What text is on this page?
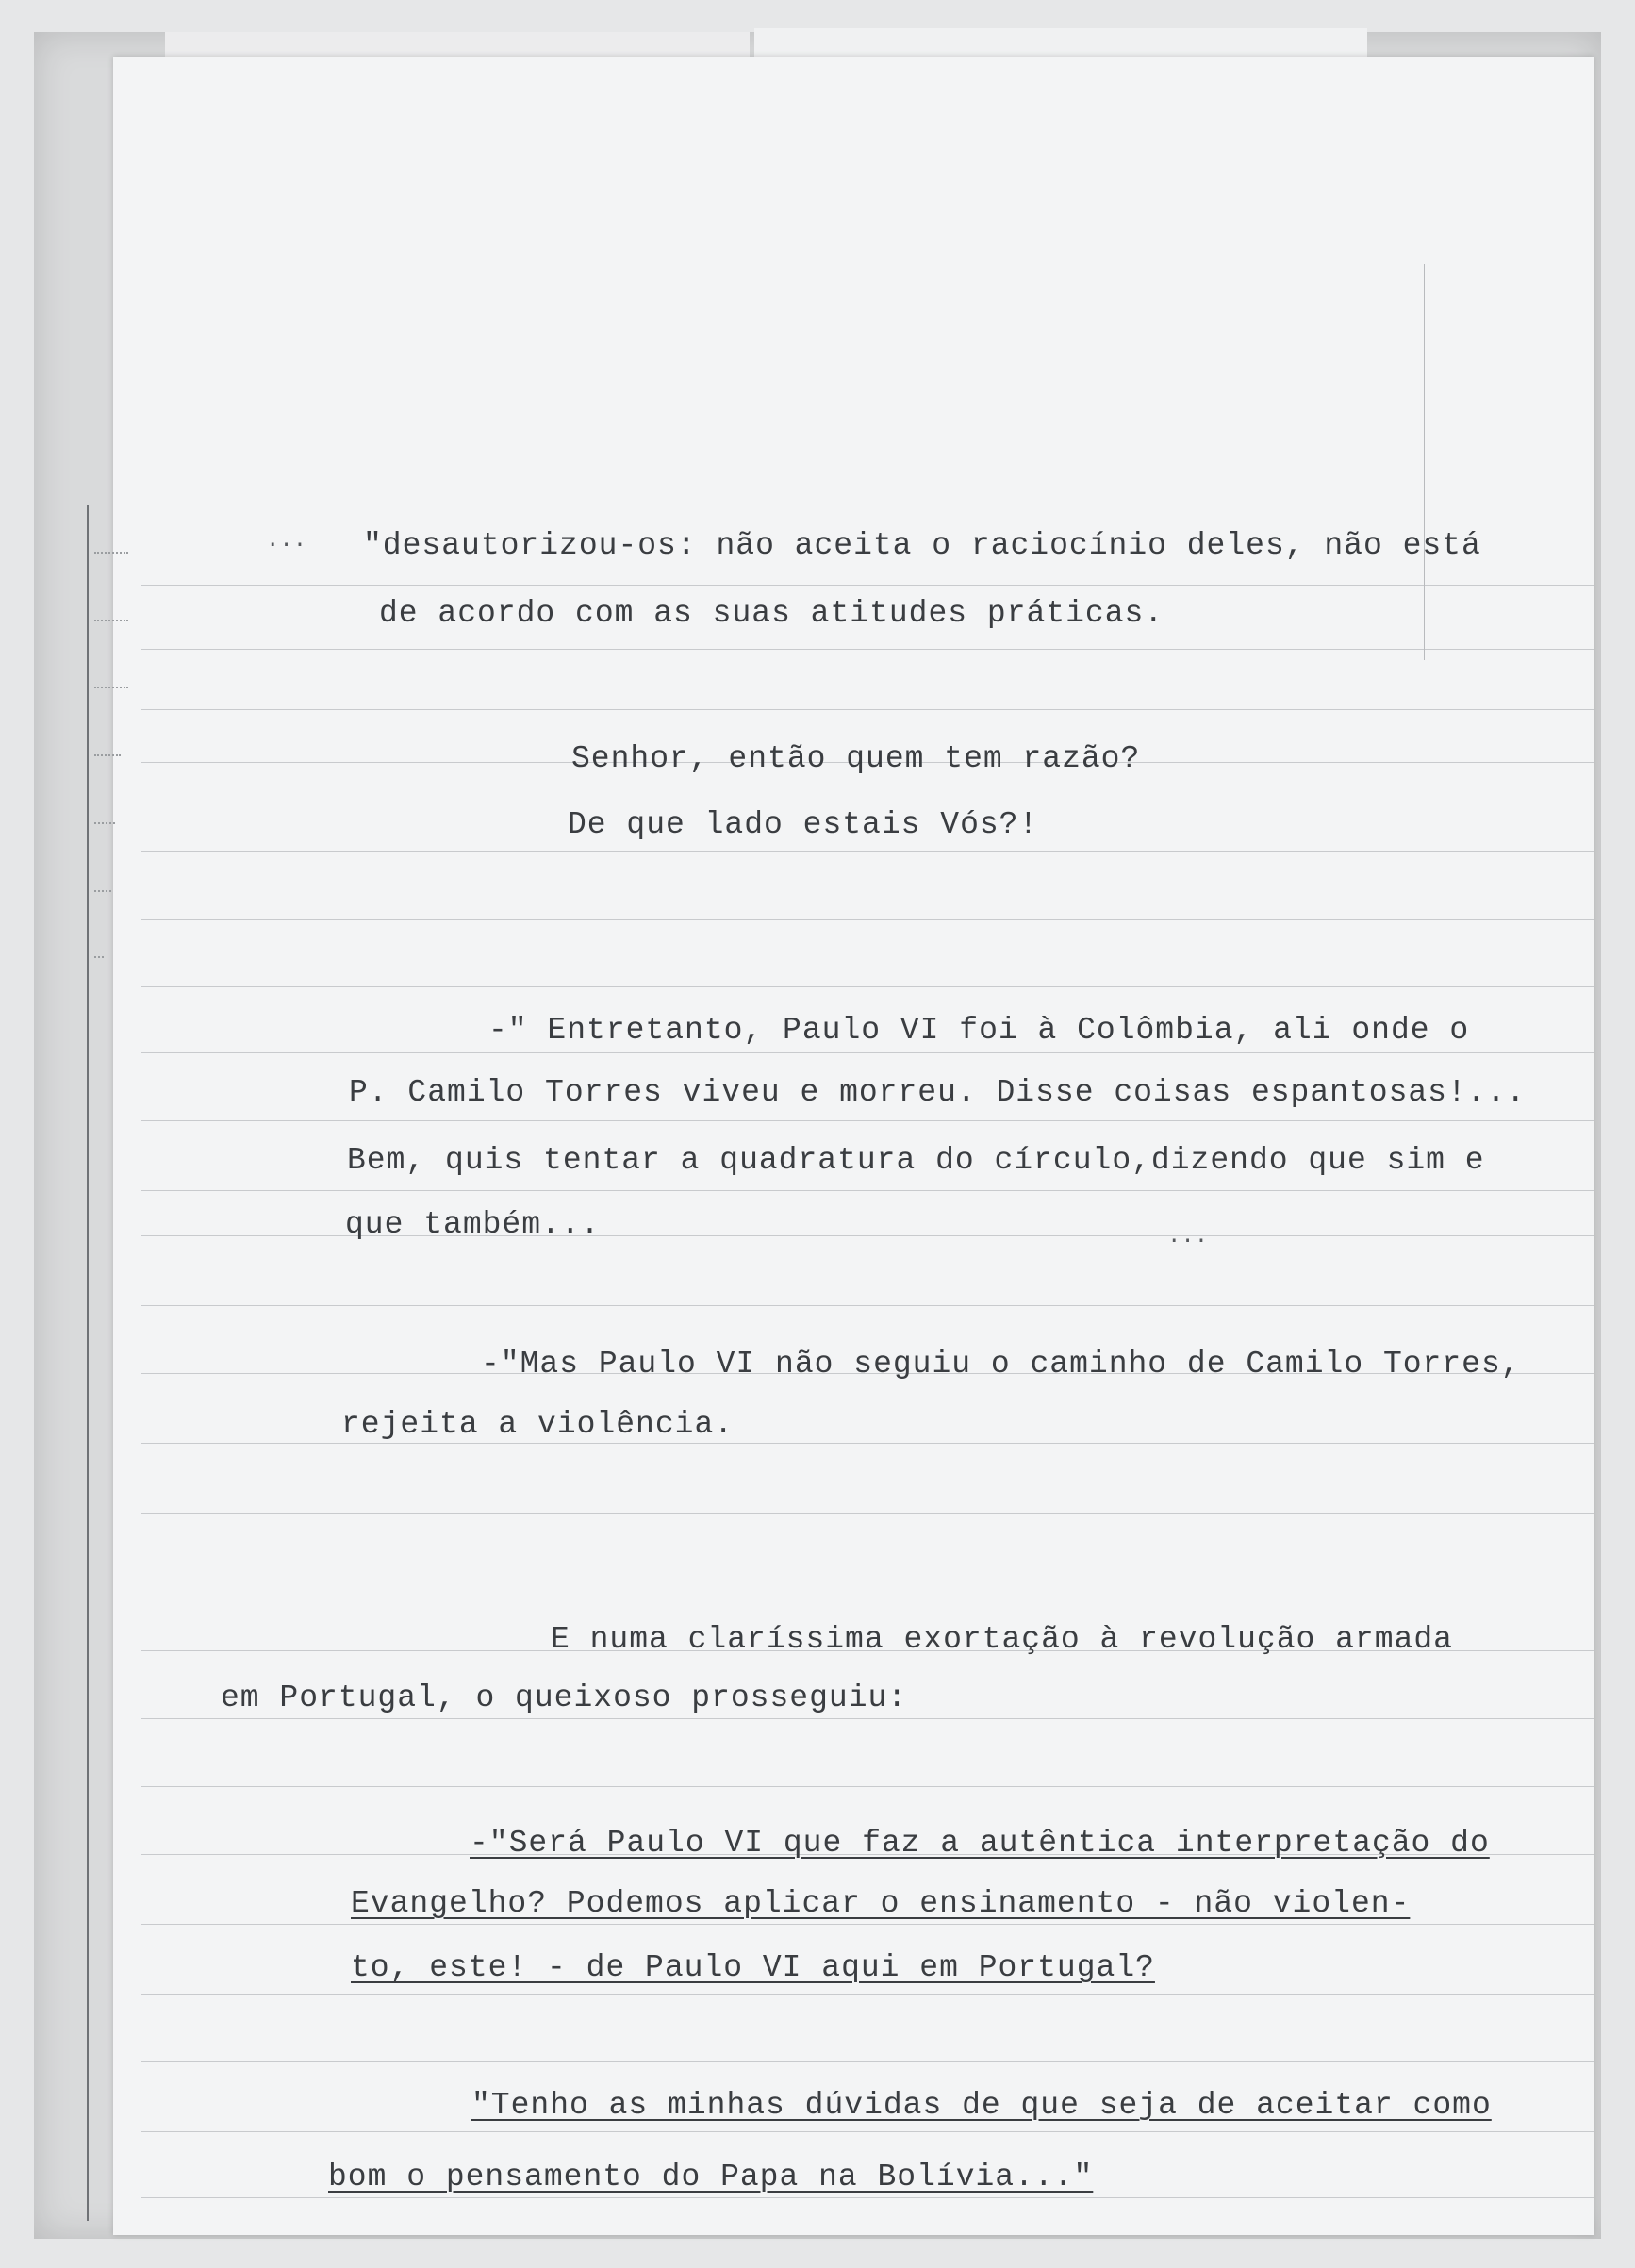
... "desautorizou-os: não aceita o raciocínio deles, não está
de acordo com as suas atitudes práticas.
Senhor, então quem tem razão?
De que lado estais Vós?!
-" Entretanto, Paulo VI foi à Colômbia, ali onde o
P. Camilo Torres viveu e morreu. Disse coisas espantosas!...
Bem, quis tentar a quadratura do círculo,dizendo que sim e
que também...	...
-"Mas Paulo VI não seguiu o caminho de Camilo Torres,
rejeita a violência.
E numa claríssima exortação à revolução armada
em Portugal, o queixoso prosseguiu:
-"Será Paulo VI que faz a autêntica interpretação do
Evangelho? Podemos aplicar o ensinamento - não violen-
to, este! - de Paulo VI aqui em Portugal?
"Tenho as minhas dúvidas de que seja de aceitar como
bom o pensamento do Papa na Bolívia..."
